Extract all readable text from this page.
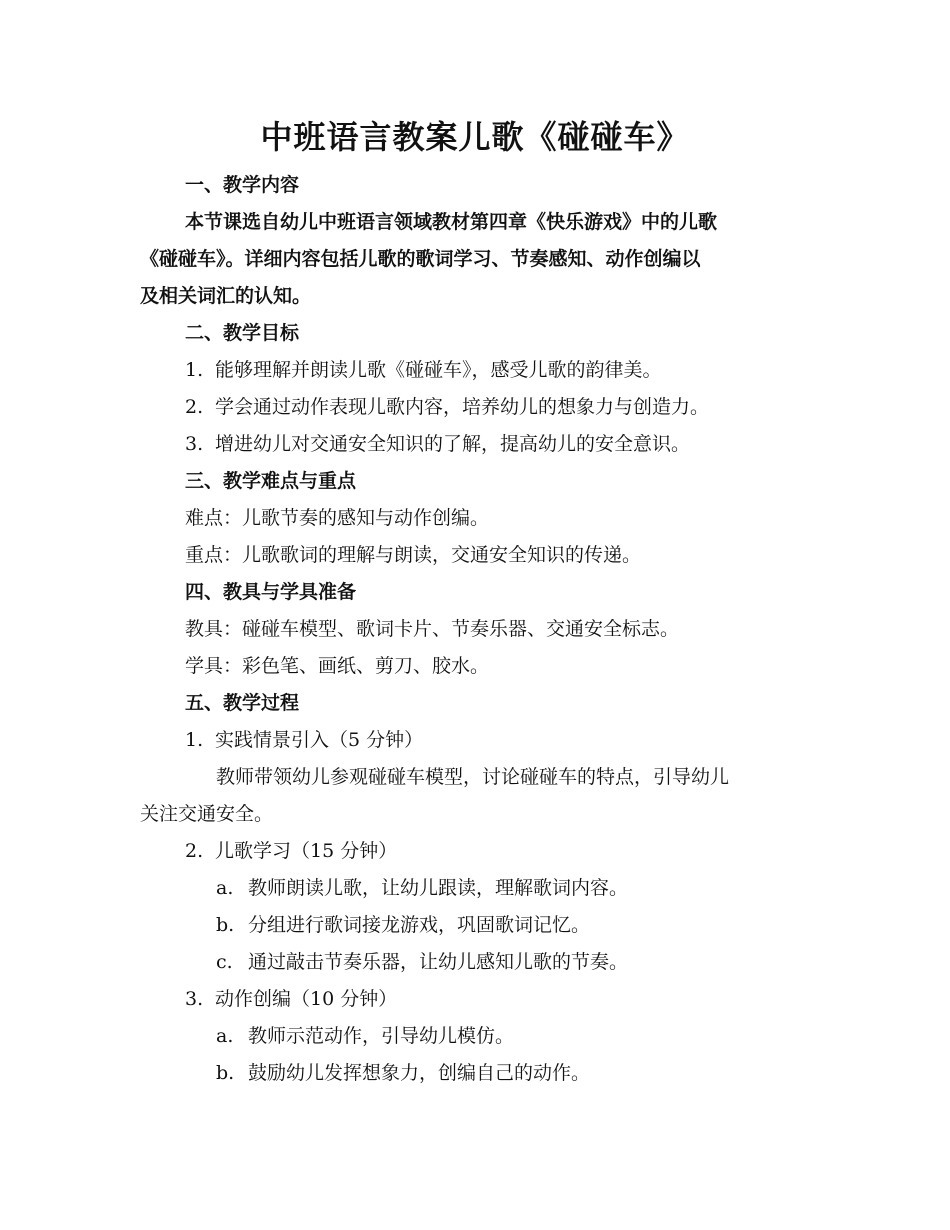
中班语言教案儿歌《碰碰车》
一、教学内容
本节课选自幼儿中班语言领域教材第四章《快乐游戏》中的儿歌
《碰碰车》。详细内容包括儿歌的歌词学习、节奏感知、动作创编以
及相关词汇的认知。
二、教学目标
1. 能够理解并朗读儿歌《碰碰车》，感受儿歌的韵律美。
2. 学会通过动作表现儿歌内容，培养幼儿的想象力与创造力。
3. 增进幼儿对交通安全知识的了解，提高幼儿的安全意识。
三、教学难点与重点
难点：儿歌节奏的感知与动作创编。
重点：儿歌歌词的理解与朗读，交通安全知识的传递。
四、教具与学具准备
教具：碰碰车模型、歌词卡片、节奏乐器、交通安全标志。
学具：彩色笔、画纸、剪刀、胶水。
五、教学过程
1. 实践情景引入（5 分钟）
教师带领幼儿参观碰碰车模型，讨论碰碰车的特点，引导幼儿
关注交通安全。
2. 儿歌学习（15 分钟）
a. 教师朗读儿歌，让幼儿跟读，理解歌词内容。
b. 分组进行歌词接龙游戏，巩固歌词记忆。
c. 通过敲击节奏乐器，让幼儿感知儿歌的节奏。
3. 动作创编（10 分钟）
a. 教师示范动作，引导幼儿模仿。
b. 鼓励幼儿发挥想象力，创编自己的动作。
